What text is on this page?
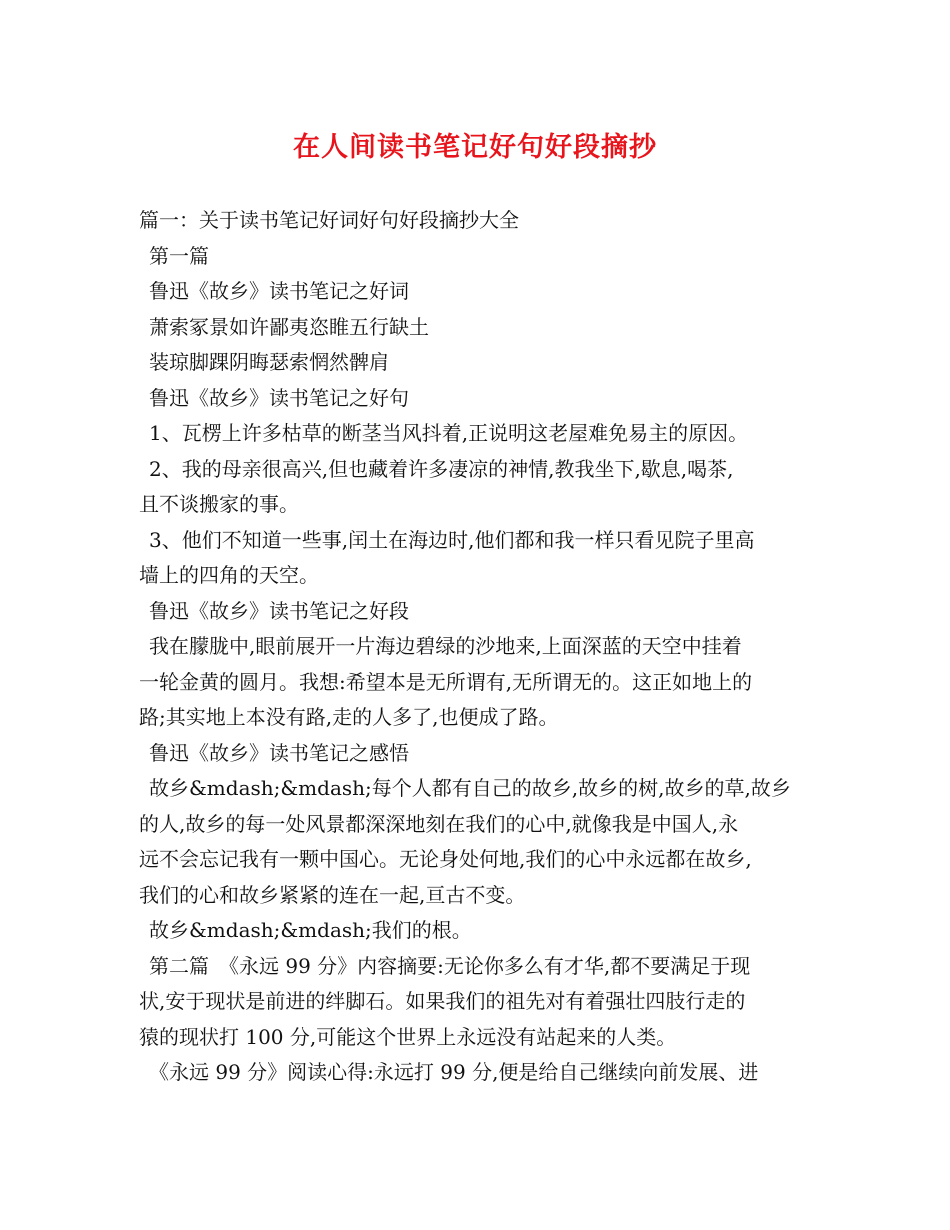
在人间读书笔记好句好段摘抄
篇一：关于读书笔记好词好句好段摘抄大全
第一篇
鲁迅《故乡》读书笔记之好词
萧索冢景如许鄙夷恣睢五行缺土
装琼脚踝阴晦瑟索惘然髀肩
鲁迅《故乡》读书笔记之好句
1、瓦楞上许多枯草的断茎当风抖着,正说明这老屋难免易主的原因。
2、我的母亲很高兴,但也藏着许多凄凉的神情,教我坐下,歇息,喝茶,
且不谈搬家的事。
3、他们不知道一些事,闰土在海边时,他们都和我一样只看见院子里高
墙上的四角的天空。
鲁迅《故乡》读书笔记之好段
我在朦胧中,眼前展开一片海边碧绿的沙地来,上面深蓝的天空中挂着
一轮金黄的圆月。我想:希望本是无所谓有,无所谓无的。这正如地上的
路;其实地上本没有路,走的人多了,也便成了路。
鲁迅《故乡》读书笔记之感悟
故乡&mdash;&mdash;每个人都有自己的故乡,故乡的树,故乡的草,故乡
的人,故乡的每一处风景都深深地刻在我们的心中,就像我是中国人,永
远不会忘记我有一颗中国心。无论身处何地,我们的心中永远都在故乡,
我们的心和故乡紧紧的连在一起,亘古不变。
故乡&mdash;&mdash;我们的根。
第二篇　《永远 99 分》内容摘要:无论你多么有才华,都不要满足于现
状,安于现状是前进的绊脚石。如果我们的祖先对有着强壮四肢行走的
猿的现状打 100 分,可能这个世界上永远没有站起来的人类。
《永远 99 分》阅读心得:永远打 99 分,便是给自己继续向前发展、进
